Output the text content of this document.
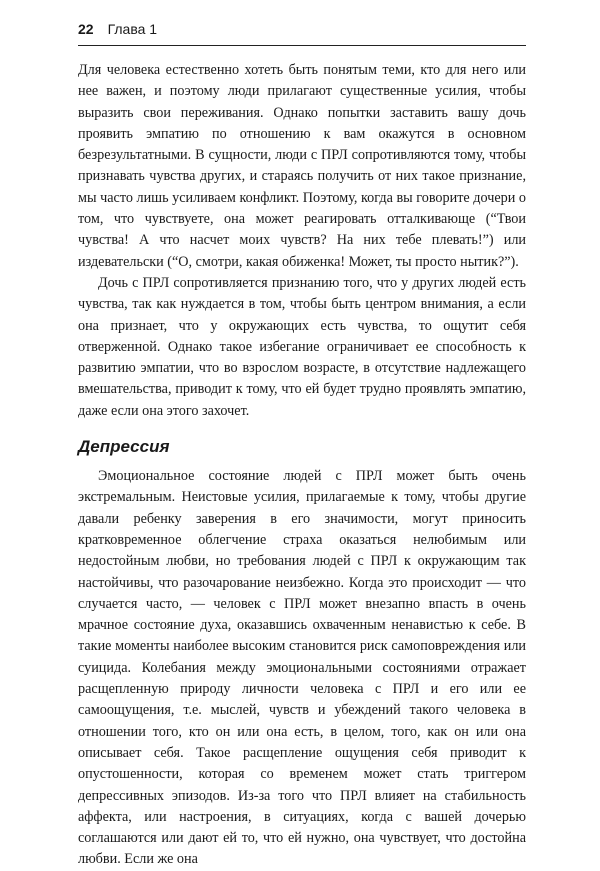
22 Глава 1

Для человека естественно хотеть быть понятым теми, кто для него или нее важен, и поэтому люди прилагают существенные усилия, чтобы выразить свои переживания. Однако попытки заставить вашу дочь проявить эмпатию по отношению к вам окажутся в основном безрезультатными. В сущности, люди с ПРЛ сопротивляются тому, чтобы признавать чувства других, и стараясь получить от них такое признание, мы часто лишь усиливаем конфликт. Поэтому, когда вы говорите дочери о том, что чувствуете, она может реагировать отталкивающе (“Твои чувства! А что насчет моих чувств? На них тебе плевать!”) или издевательски (“О, смотри, какая обиженка! Может, ты просто нытик?”).

Дочь с ПРЛ сопротивляется признанию того, что у других людей есть чувства, так как нуждается в том, чтобы быть центром внимания, а если она признает, что у окружающих есть чувства, то ощутит себя отверженной. Однако такое избегание ограничивает ее способность к развитию эмпатии, что во взрослом возрасте, в отсутствие надлежащего вмешательства, приводит к тому, что ей будет трудно проявлять эмпатию, даже если она этого захочет.

Депрессия

Эмоциональное состояние людей с ПРЛ может быть очень экстремальным. Неистовые усилия, прилагаемые к тому, чтобы другие давали ребенку заверения в его значимости, могут приносить кратковременное облегчение страха оказаться нелюбимым или недостойным любви, но требования людей с ПРЛ к окружающим так настойчивы, что разочарование неизбежно. Когда это происходит — что случается часто, — человек с ПРЛ может внезапно впасть в очень мрачное состояние духа, оказавшись охваченным ненавистью к себе. В такие моменты наиболее высоким становится риск самоповреждения или суицида. Колебания между эмоциональными состояниями отражает расщепленную природу личности человека с ПРЛ и его или ее самоощущения, т.е. мыслей, чувств и убеждений такого человека в отношении того, кто он или она есть, в целом, того, как он или она описывает себя. Такое расщепление ощущения себя приводит к опустошенности, которая со временем может стать триггером депрессивных эпизодов. Из-за того что ПРЛ влияет на стабильность аффекта, или настроения, в ситуациях, когда с вашей дочерью соглашаются или дают ей то, что ей нужно, она чувствует, что достойна любви. Если же она
